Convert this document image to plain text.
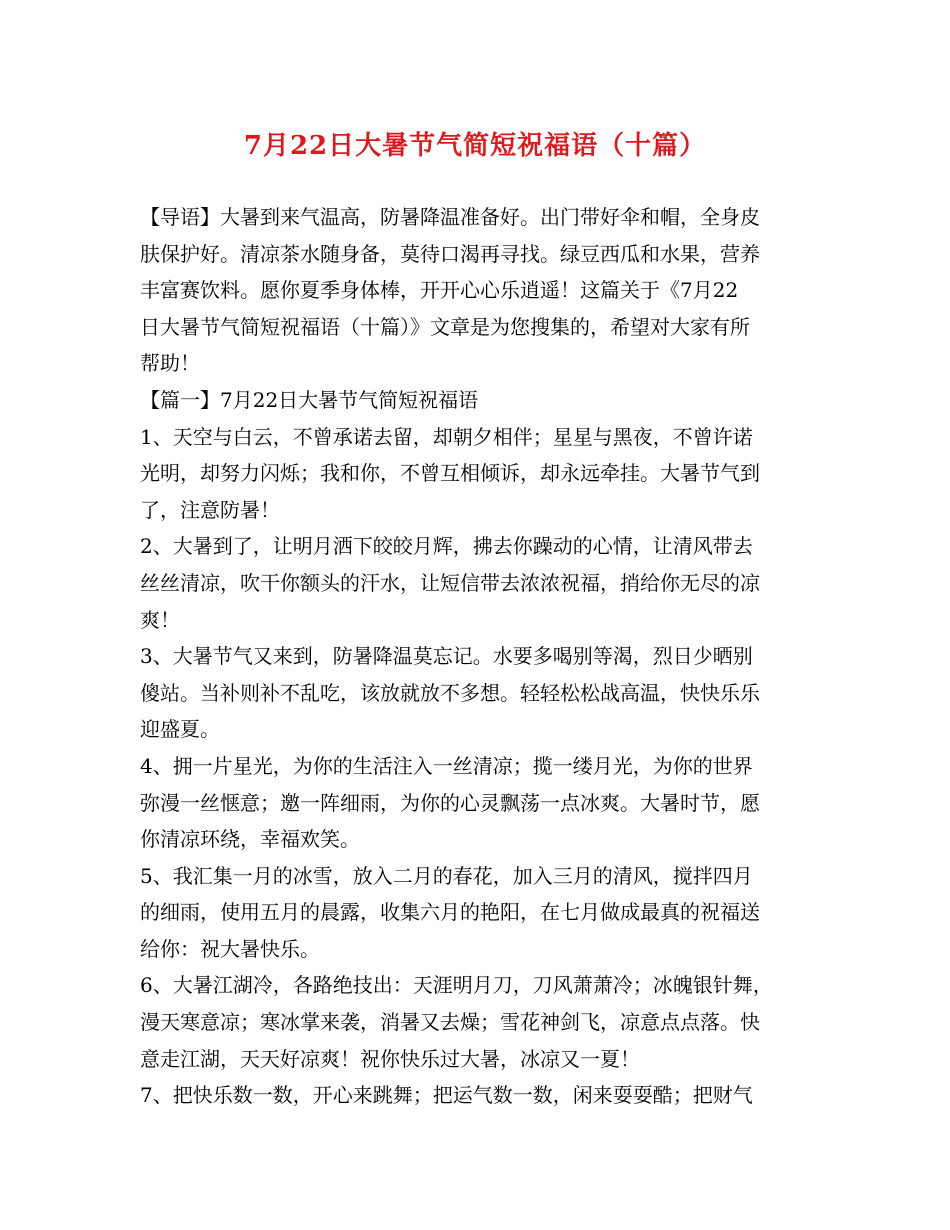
7月22日大暑节气简短祝福语（十篇）
【导语】大暑到来气温高，防暑降温准备好。出门带好伞和帽，全身皮
肤保护好。清凉茶水随身备，莫待口渴再寻找。绿豆西瓜和水果，营养
丰富赛饮料。愿你夏季身体棒，开开心心乐逍遥！这篇关于《7月22
日大暑节气简短祝福语（十篇）》文章是为您搜集的，希望对大家有所
帮助！
【篇一】7月22日大暑节气简短祝福语
1、天空与白云，不曾承诺去留，却朝夕相伴；星星与黑夜，不曾许诺
光明，却努力闪烁；我和你，不曾互相倾诉，却永远牵挂。大暑节气到
了，注意防暑！
2、大暑到了，让明月洒下皎皎月辉，拂去你躁动的心情，让清风带去
丝丝清凉，吹干你额头的汗水，让短信带去浓浓祝福，捎给你无尽的凉
爽！
3、大暑节气又来到，防暑降温莫忘记。水要多喝别等渴，烈日少晒别
傻站。当补则补不乱吃，该放就放不多想。轻轻松松战高温，快快乐乐
迎盛夏。
4、拥一片星光，为你的生活注入一丝清凉；揽一缕月光，为你的世界
弥漫一丝惬意；邀一阵细雨，为你的心灵飘荡一点冰爽。大暑时节，愿
你清凉环绕，幸福欢笑。
5、我汇集一月的冰雪，放入二月的春花，加入三月的清风，搅拌四月
的细雨，使用五月的晨露，收集六月的艳阳，在七月做成最真的祝福送
给你：祝大暑快乐。
6、大暑江湖冷，各路绝技出：天涯明月刀，刀风萧萧冷；冰魄银针舞，
漫天寒意凉；寒冰掌来袭，消暑又去燥；雪花神剑飞，凉意点点落。快
意走江湖，天天好凉爽！祝你快乐过大暑，冰凉又一夏！
7、把快乐数一数，开心来跳舞；把运气数一数，闲来耍耍酷；把财气
